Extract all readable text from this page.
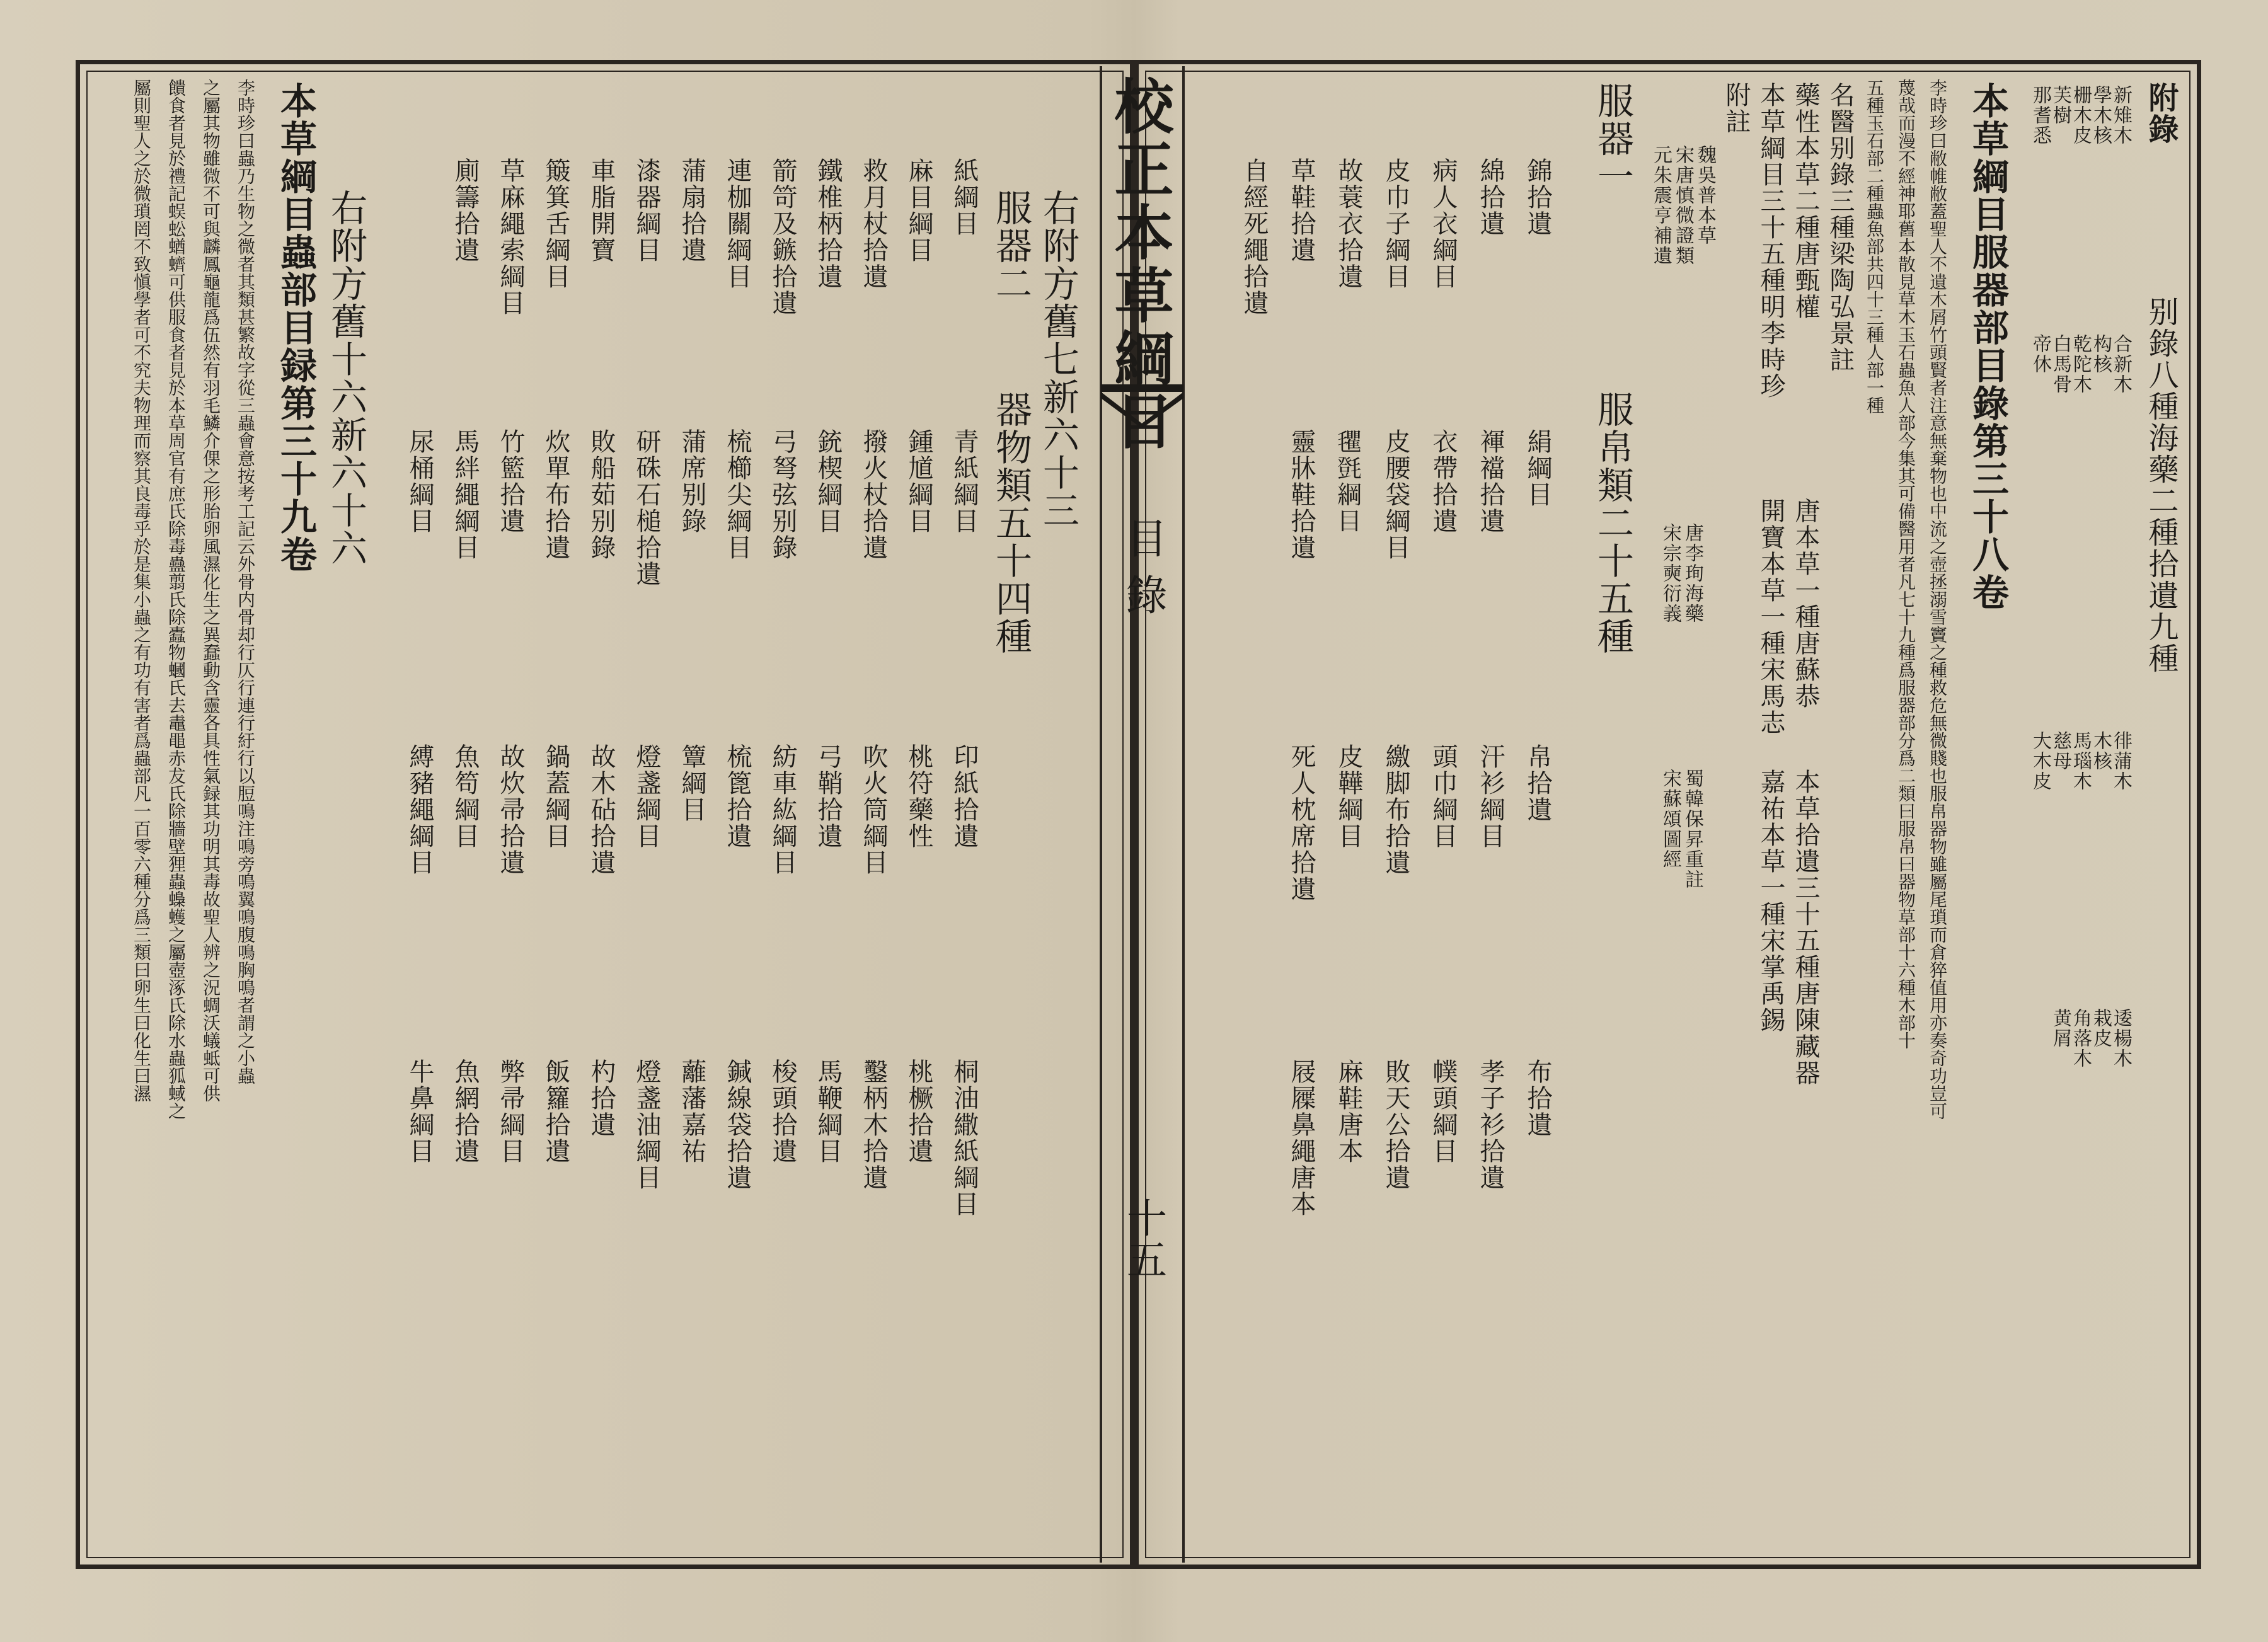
校正本草綱目
目錄
十五
附錄
别錄八種海藥二種拾遺九種
新雉木
學木核
栅木皮
芙樹
那耆悉
合新木
构核
乾陀木
白馬骨
帝休
徘蒲木
木核
馬瑙木
慈母
大木皮
逶楊木
栽皮
角落木
黄屑
本草綱目服器部目錄第三十八卷
李時珍曰敝帷敝蓋聖人不遺木屑竹頭賢者注意無棄物也中流之壺拯溺雪竇之種救危無微賤也服帛器物雖屬尾瑣而倉猝值用亦奏奇功豈可
蔑哉而漫不經神耶舊本散見草木玉石蟲魚人部今集其可備醫用者凡七十九種爲服器部分爲二類曰服帛曰器物草部十六種木部十
五種玉石部二種蟲魚部共四十三種人部一種
名醫别錄三種梁陶弘景註
藥性本草二種唐甄權
本草綱目三十五種明李時珍
唐本草一種唐蘇恭
開寶本草一種宋馬志
本草拾遺三十五種唐陳藏器
嘉祐本草一種宋掌禹錫
唐李珣海藥
宋宗奭衍義
蜀韓保昇重註
宋蘇頌圖經
附註
魏吳普本草
宋唐慎微證類
元朱震亨補遺
服器一
服帛類二十五種
錦拾遺
綿拾遺
病人衣綱目
皮巾子綱目
故蓑衣拾遺
草鞋拾遺
自經死繩拾遺
絹綱目
褌襠拾遺
衣帶拾遺
皮腰袋綱目
𣰽㲪綱目
靈牀鞋拾遺
帛拾遺
汗衫綱目
頭巾綱目
繳脚布拾遺
皮鞾綱目
死人枕席拾遺
布拾遺
孝子衫拾遺
幞頭綱目
敗天公拾遺
麻鞋唐本
屐屧鼻繩唐本
右附方舊七新六十三
服器二
器物類五十四種
紙綱目
麻目綱目
救月杖拾遺
鐵椎柄拾遺
箭笴及鏃拾遺
連枷關綱目
蒲扇拾遺
漆器綱目
車脂開寶
簸箕舌綱目
草麻繩索綱目
廁籌拾遺
青紙綱目
鍾馗綱目
撥火杖拾遺
銃楔綱目
弓弩弦别錄
梳櫛尖綱目
蒲席别錄
研硃石槌拾遺
敗船茹别錄
炊單布拾遺
竹籃拾遺
馬絆繩綱目
尿桶綱目
印紙拾遺
桃符藥性
吹火筒綱目
弓鞘拾遺
紡車紘綱目
梳篦拾遺
簟綱目
燈盞綱目
故木砧拾遺
鍋蓋綱目
故炊帚拾遺
魚笱綱目
縛豬繩綱目
桐油繖紙綱目
桃橛拾遺
鑿柄木拾遺
馬鞭綱目
梭頭拾遺
鍼線袋拾遺
蘺藩嘉祐
燈盞油綱目
杓拾遺
飯籮拾遺
弊帚綱目
魚網拾遺
牛鼻綱目
右附方舊十六新六十六
本草綱目蟲部目録第三十九卷
李時珍曰蟲乃生物之微者其類甚繁故字從三蟲會意按考工記云外骨内骨却行仄行連行紆行以脰鳴注鳴旁鳴翼鳴腹鳴胸鳴者謂之小蟲
之屬其物雖微不可與麟鳳龜龍爲伍然有羽毛鱗介倮之形胎卵風濕化生之異蠢動含靈各具性氣録其功明其毒故聖人辨之況蜩沃蟻蚳可供
饋食者見於禮記蜈蚣蝤蠐可供服食者見於本草周官有庶氏除毒蠱翦氏除蠹物蟈氏去鼃黽赤犮氏除牆壁狸蟲蟂蠖之屬壺涿氏除水蟲狐蜮之
屬則聖人之於微瑣罔不致愼學者可不究夫物理而察其良毒乎於是集小蟲之有功有害者爲蟲部凡一百零六種分爲三類曰卵生曰化生曰濕
